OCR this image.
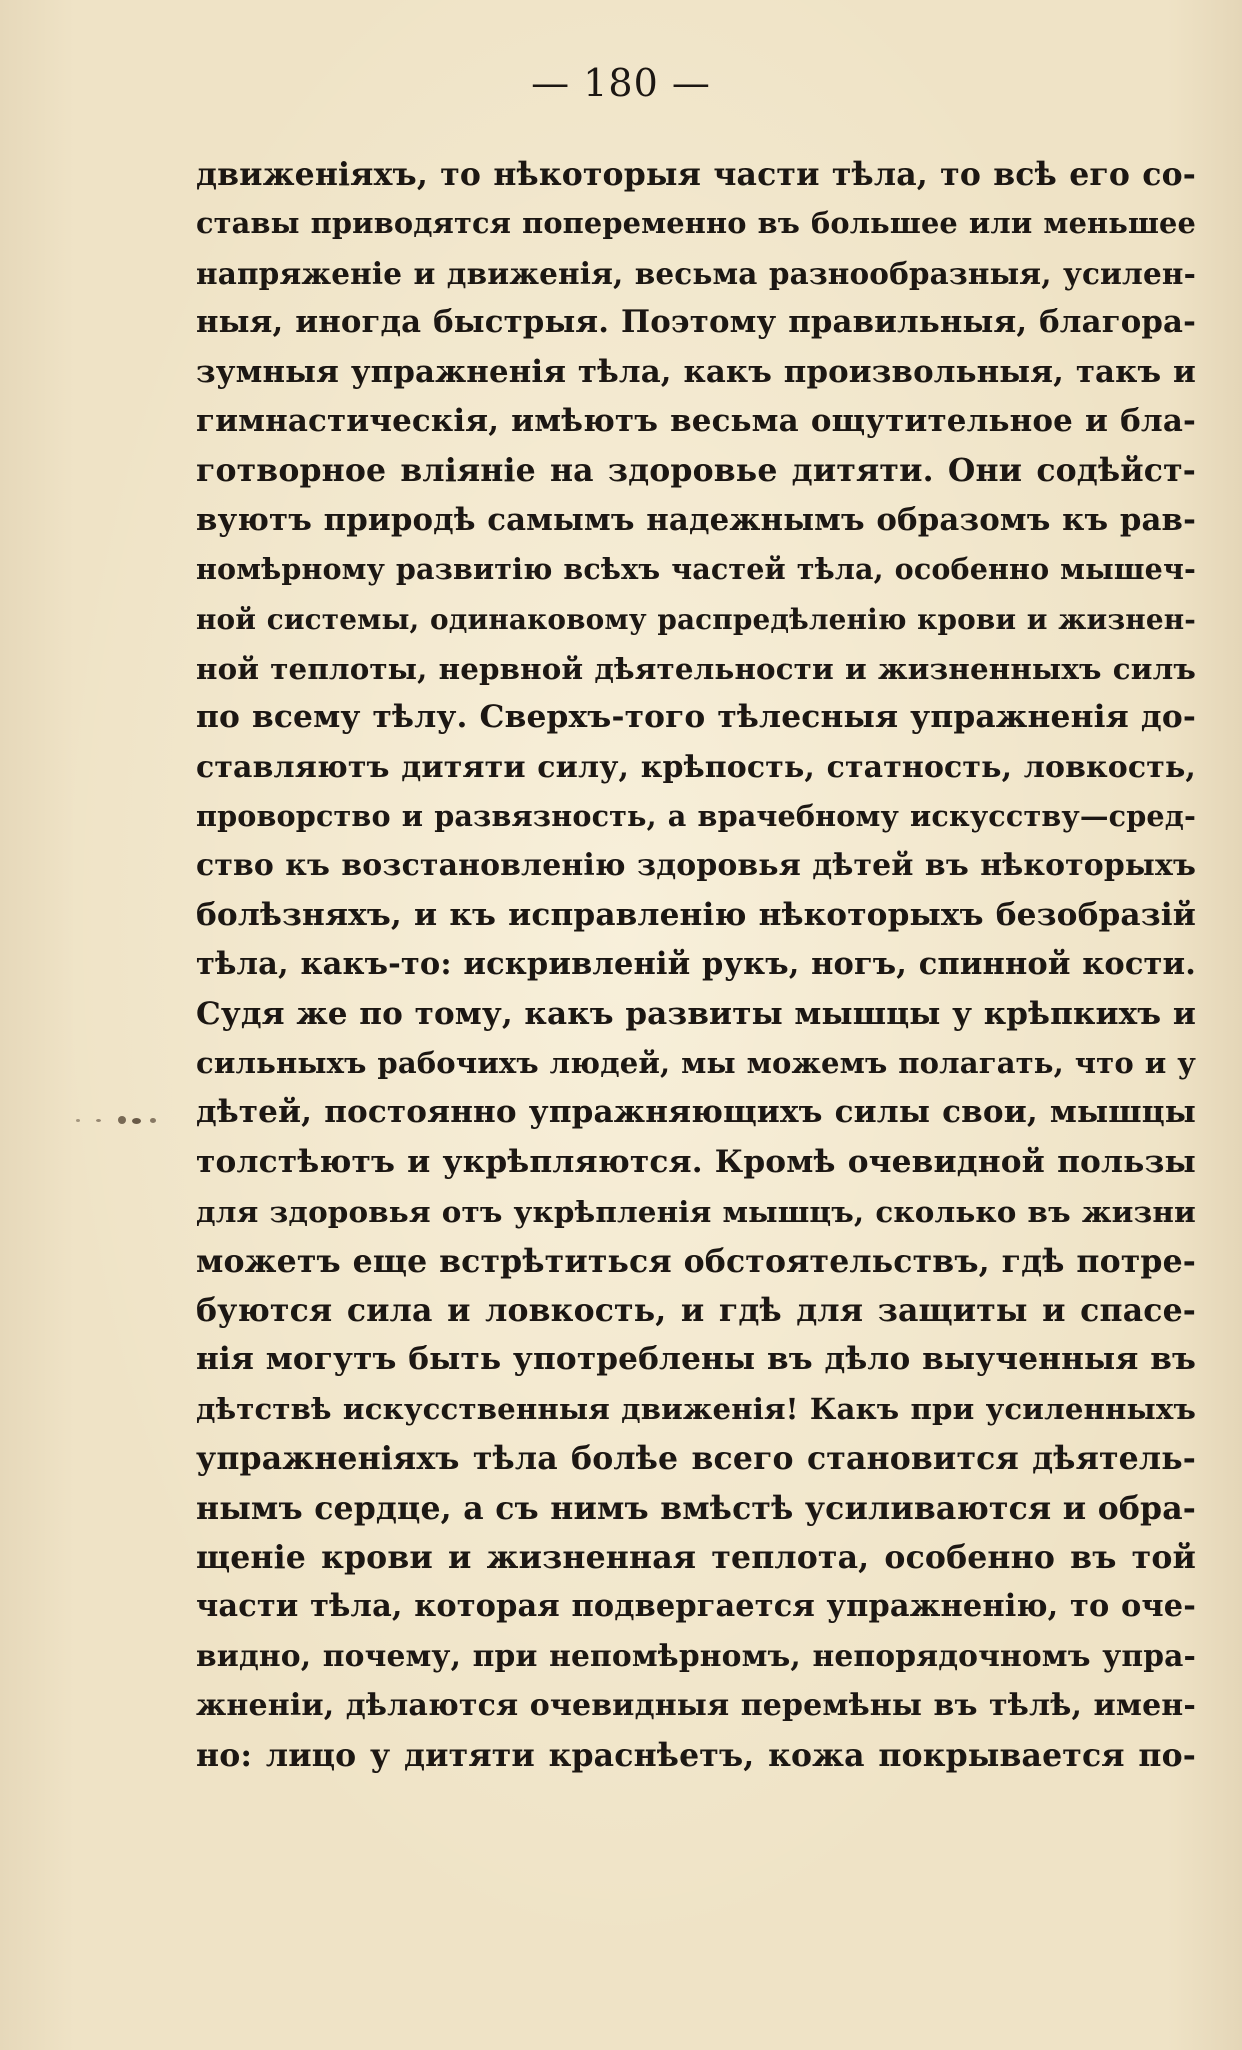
— 180 —
движенiяхъ, то нѣкоторыя части тѣла, то всѣ его со-
ставы приводятся попеременно въ большее или меньшее
напряженiе и движенiя, весьма разнообразныя, усилен-
ныя, иногда быстрыя. Поэтому правильныя, благора-
зумныя упражненiя тѣла, какъ произвольныя, такъ и
гимнастическiя, имѣютъ весьма ощутительное и бла-
готворное влiянiе на здоровье дитяти. Они содѣйст-
вуютъ природѣ самымъ надежнымъ образомъ къ рав-
номѣрному развитiю всѣхъ частей тѣла, особенно мышеч-
ной системы, одинаковому распредѣленiю крови и жизнен-
ной теплоты, нервной дѣятельности и жизненныхъ силъ
по всему тѣлу. Сверхъ-того тѣлесныя упражненiя до-
ставляютъ дитяти силу, крѣпость, статность, ловкость,
проворство и развязность, а врачебному искусству—сред-
ство къ возстановленiю здоровья дѣтей въ нѣкоторыхъ
болѣзняхъ, и къ исправленiю нѣкоторыхъ безобразiй
тѣла, какъ-то: искривленiй рукъ, ногъ, спинной кости.
Судя же по тому, какъ развиты мышцы у крѣпкихъ и
сильныхъ рабочихъ людей, мы можемъ полагать, что и у
дѣтей, постоянно упражняющихъ силы свои, мышцы
толстѣютъ и укрѣпляются. Кромѣ очевидной пользы
для здоровья отъ укрѣпленiя мышцъ, сколько въ жизни
можетъ еще встрѣтиться обстоятельствъ, гдѣ потре-
буются сила и ловкость, и гдѣ для защиты и спасе-
нiя могутъ быть употреблены въ дѣло выученныя въ
дѣтствѣ искусственныя движенiя! Какъ при усиленныхъ
упражненiяхъ тѣла болѣе всего становится дѣятель-
нымъ сердце, а съ нимъ вмѣстѣ усиливаются и обра-
щенiе крови и жизненная теплота, особенно въ той
части тѣла, которая подвергается упражненiю, то оче-
видно, почему, при непомѣрномъ, непорядочномъ упра-
жненiи, дѣлаются очевидныя перемѣны въ тѣлѣ, имен-
но: лицо у дитяти краснѣетъ, кожа покрывается по-
